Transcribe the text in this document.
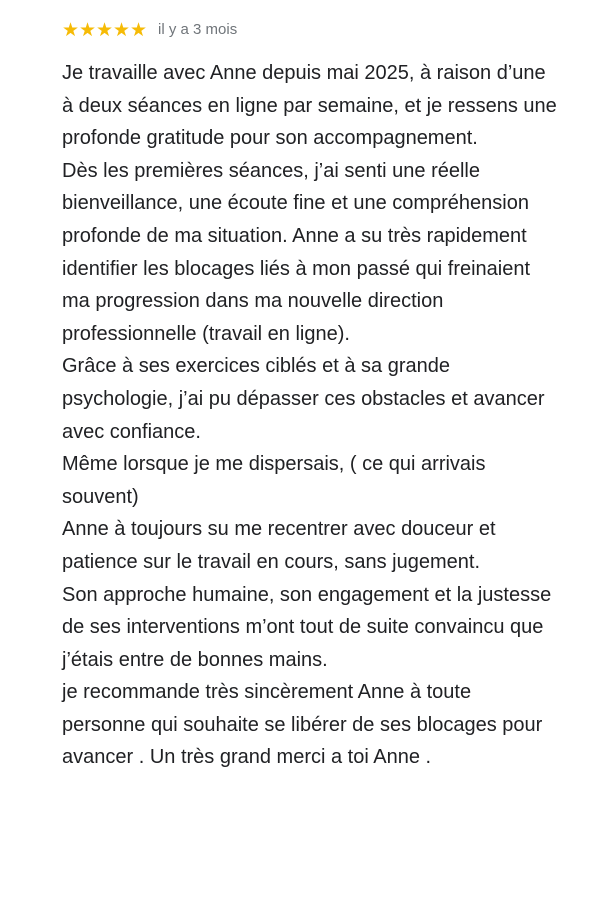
★ ★ ★ ★ ★ il y a 3 mois

Je travaille avec Anne depuis mai 2025, à raison d’une à deux séances en ligne par semaine, et je ressens une profonde gratitude pour son accompagnement.

Dès les premières séances, j’ai senti une réelle bienveillance, une écoute fine et une compréhension profonde de ma situation. Anne a su très rapidement identifier les blocages liés à mon passé qui freinaient ma progression dans ma nouvelle direction professionnelle (travail en ligne).

Grâce à ses exercices ciblés et à sa grande psychologie, j’ai pu dépasser ces obstacles et avancer avec confiance.

Même lorsque je me dispersais, ( ce qui arrivais souvent)

Anne à toujours su me recentrer avec douceur et patience sur le travail en cours, sans jugement.

Son approche humaine, son engagement et la justesse de ses interventions m’ont tout de suite convaincu que j’étais entre de bonnes mains.

je recommande très sincèrement Anne à toute personne qui souhaite se libérer de ses blocages pour avancer . Un très grand merci a toi Anne .
